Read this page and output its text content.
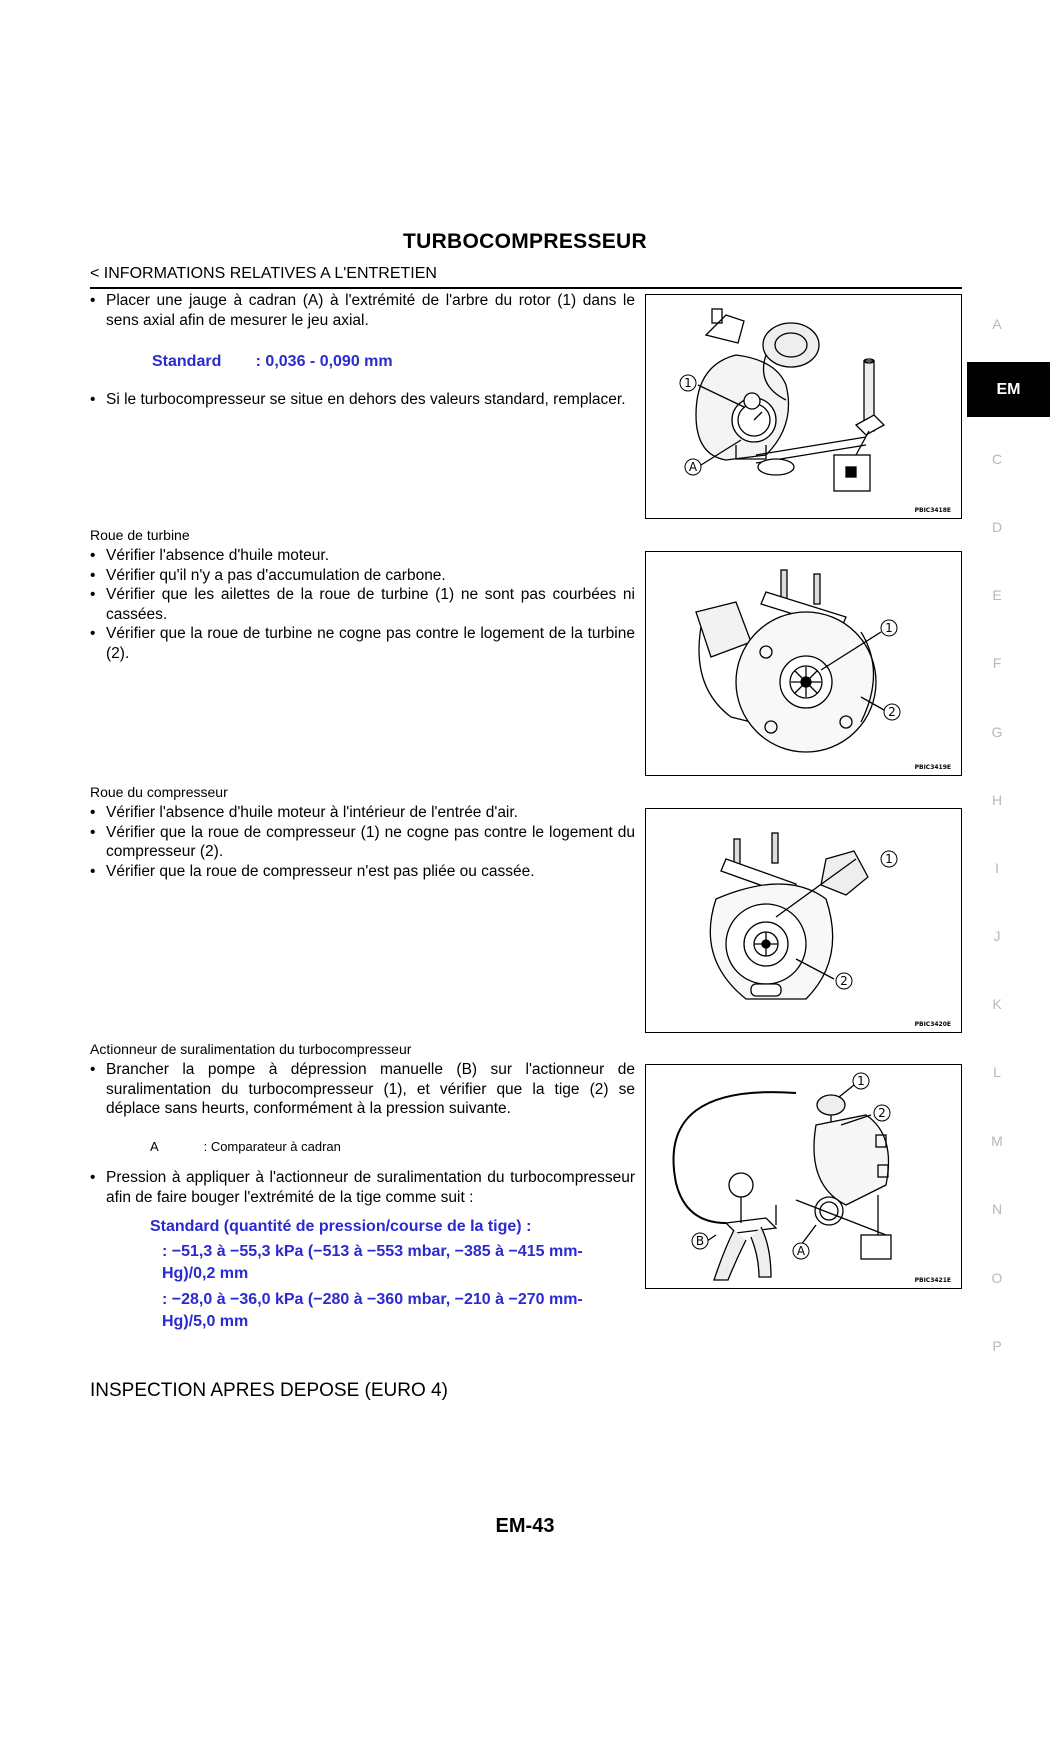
TURBOCOMPRESSEUR
< INFORMATIONS RELATIVES A L'ENTRETIEN
• Placer une jauge à cadran (A) à l'extrémité de l'arbre du rotor (1) dans le sens axial afin de mesurer le jeu axial.
Standard : 0,036 - 0,090 mm
• Si le turbocompresseur se situe en dehors des valeurs standard, remplacer.
1
A
PBIC3418E
Roue de turbine
• Vérifier l'absence d'huile moteur.
• Vérifier qu'il n'y a pas d'accumulation de carbone.
• Vérifier que les ailettes de la roue de turbine (1) ne sont pas courbées ni cassées.
• Vérifier que la roue de turbine ne cogne pas contre le logement de la turbine (2).
1
2
PBIC3419E
Roue du compresseur
• Vérifier l'absence d'huile moteur à l'intérieur de l'entrée d'air.
• Vérifier que la roue de compresseur (1) ne cogne pas contre le logement du compresseur (2).
• Vérifier que la roue de compresseur n'est pas pliée ou cassée.
1
2
PBIC3420E
Actionneur de suralimentation du turbocompresseur
• Brancher la pompe à dépression manuelle (B) sur l'actionneur de suralimentation du turbocompresseur (1), et vérifier que la tige (2) se déplace sans heurts, conformément à la pression suivante.
A	: Comparateur à cadran
• Pression à appliquer à l'actionneur de suralimentation du turbocompresseur afin de faire bouger l'extrémité de la tige comme suit :
Standard (quantité de pression/course de la tige) :
: −51,3 à −55,3 kPa (−513 à −553 mbar, −385 à −415 mm-Hg)/0,2 mm
: −28,0 à −36,0 kPa (−280 à −360 mbar, −210 à −270 mm-Hg)/5,0 mm
1
2
A
B
PBIC3421E
INSPECTION APRES DEPOSE (EURO 4)
EM-43
EM
A
C
D
E
F
G
H
I
J
K
L
M
N
O
P
